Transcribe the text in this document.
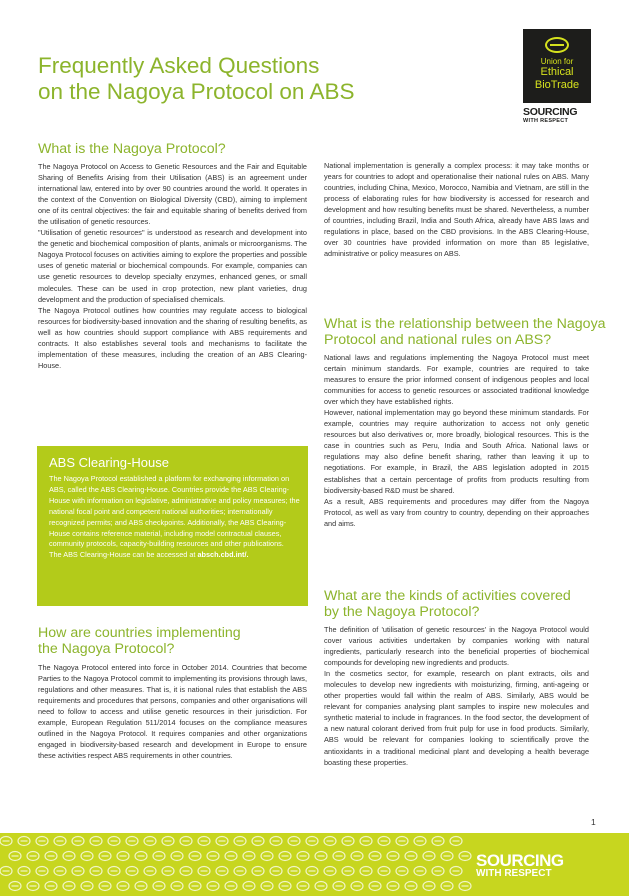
Frequently Asked Questions
on the Nagoya Protocol on ABS
Union for
Ethical
BioTrade
SOURCING
WITH RESPECT
What is the Nagoya Protocol?

The Nagoya Protocol on Access to Genetic Resources and the Fair and Equitable Sharing of Benefits Arising from their Utilisation (ABS) is an agreement under international law, entered into by over 90 countries around the world. It operates in the context of the Convention on Biological Diversity (CBD), aiming to implement one of its central objectives: the fair and equitable sharing of benefits derived from the utilisation of genetic resources.

"Utilisation of genetic resources" is understood as research and development into the genetic and biochemical composition of plants, animals or microorganisms. The Nagoya Protocol focuses on activities aiming to explore the properties and possible uses of genetic material or biochemical compounds. For example, companies can use genetic resources to develop specialty enzymes, enhanced genes, or small molecules. These can be used in crop protection, new plant varieties, drug development and the production of specialised chemicals.

The Nagoya Protocol outlines how countries may regulate access to biological resources for biodiversity-based innovation and the sharing of resulting benefits, as well as how countries should support compliance with ABS requirements and contracts. It also establishes several tools and mechanisms to facilitate the implementation of these measures, including the creation of an ABS Clearing-House.

ABS Clearing-House
The Nagoya Protocol established a platform for exchanging information on ABS, called the ABS Clearing-House. Countries provide the ABS Clearing-House with information on legislative, administrative and policy measures; the national focal point and competent national authorities; internationally recognized permits; and ABS checkpoints. Additionally, the ABS Clearing-House contains reference material, including model contractual clauses, community protocols, capacity-building resources and other publications.
The ABS Clearing-House can be accessed at absch.cbd.int/.
How are countries implementing
the Nagoya Protocol?

The Nagoya Protocol entered into force in October 2014. Countries that become Parties to the Nagoya Protocol commit to implementing its provisions through laws, regulations and other measures. That is, it is national rules that establish the ABS requirements and procedures that persons, companies and other organisations will need to follow to access and utilise genetic resources in their jurisdiction. For example, European Regulation 511/2014 focuses on the compliance measures outlined in the Nagoya Protocol. It requires companies and other organizations engaged in biodiversity-based research and development in Europe to ensure these activities respect ABS requirements in other countries.

National implementation is generally a complex process: it may take months or years for countries to adopt and operationalise their national rules on ABS. Many countries, including China, Mexico, Morocco, Namibia and Vietnam, are still in the process of elaborating rules for how biodiversity is accessed for research and development and how resulting benefits must be shared. Nevertheless, a number of countries, including Brazil, India and South Africa, already have ABS laws and regulations in place, based on the CBD provisions. In the ABS Clearing-House, over 30 countries have provided information on more than 85 legislative, administrative or policy measures on ABS.

What is the relationship between the Nagoya
Protocol and national rules on ABS?

National laws and regulations implementing the Nagoya Protocol must meet certain minimum standards. For example, countries are required to take measures to ensure the prior informed consent of indigenous peoples and local communities for access to genetic resources or associated traditional knowledge over which they have established rights.

However, national implementation may go beyond these minimum standards. For example, countries may require authorization to access not only genetic resources but also derivatives or, more broadly, biological resources. This is the case in countries such as Peru, India and South Africa. National laws or regulations may also define benefit sharing, rather than leaving it up to negotiations. For example, in Brazil, the ABS legislation adopted in 2015 establishes that a certain percentage of profits from products resulting from biodiversity-based R&D must be shared.

As a result, ABS requirements and procedures may differ from the Nagoya Protocol, as well as vary from country to country, depending on their approaches and aims.

What are the kinds of activities covered
by the Nagoya Protocol?

The definition of 'utilisation of genetic resources' in the Nagoya Protocol would cover various activities undertaken by companies working with natural ingredients, particularly research into the beneficial properties of biochemical compounds for developing new ingredients and products.

In the cosmetics sector, for example, research on plant extracts, oils and molecules to develop new ingredients with moisturizing, firming, anti-ageing or other properties would fall within the realm of ABS. Similarly, ABS would be relevant for companies analysing plant samples to inspire new molecules and synthetic material to include in fragrances. In the food sector, the development of a new natural colorant derived from fruit pulp for use in food products. Similarly, ABS would be relevant for companies looking to scientifically prove the antioxidants in a traditional medicinal plant and developing a health beverage boasting these properties.

1
SOURCING
WITH RESPECT
